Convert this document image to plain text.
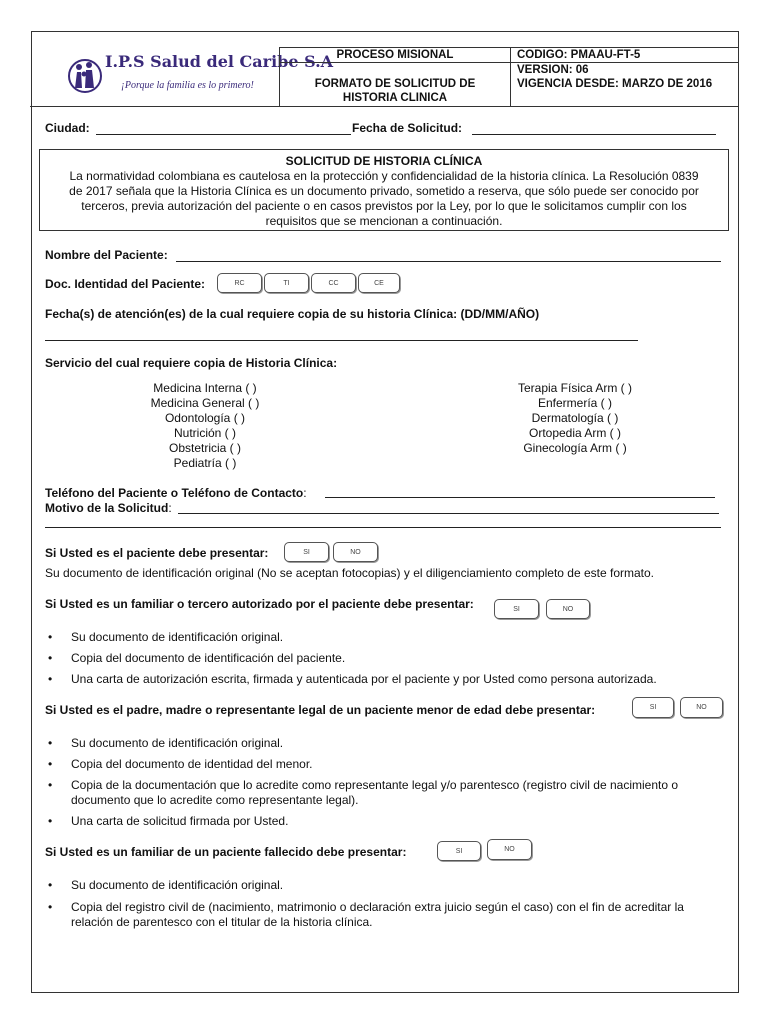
I.P.S Salud del Caribe S.A
¡Porque la familia es lo primero!
PROCESO MISIONAL
FORMATO DE SOLICITUD DE HISTORIA CLINICA
CODIGO: PMAAU-FT-5
VERSION: 06
VIGENCIA DESDE: MARZO DE 2016
Ciudad:	Fecha de Solicitud:
SOLICITUD DE HISTORIA CLÍNICA
La normatividad colombiana es cautelosa en la protección y confidencialidad de la historia clínica. La Resolución 0839
de 2017 señala que la Historia Clínica es un documento privado, sometido a reserva, que sólo puede ser conocido por
terceros, previa autorización del paciente o en casos previstos por la Ley, por lo que le solicitamos cumplir con los
requisitos que se mencionan a continuación.
Nombre del Paciente:
Doc. Identidad del Paciente:	RC	TI	CC	CE
Fecha(s) de atención(es) de la cual requiere copia de su historia Clínica: (DD/MM/AÑO)
Servicio del cual requiere copia de Historia Clínica:
Medicina Interna ( )
Medicina General ( )
Odontología ( )
Nutrición ( )
Obstetricia ( )
Pediatría ( )
Terapia Física Arm ( )
Enfermería ( )
Dermatología ( )
Ortopedia Arm ( )
Ginecología Arm ( )
Teléfono del Paciente o Teléfono de Contacto:
Motivo de la Solicitud:
Si Usted es el paciente debe presentar:	SI	NO
Su documento de identificación original (No se aceptan fotocopias) y el diligenciamiento completo de este formato.
Si Usted es un familiar o tercero autorizado por el paciente debe presentar:	SI	NO
• Su documento de identificación original.
• Copia del documento de identificación del paciente.
• Una carta de autorización escrita, firmada y autenticada por el paciente y por Usted como persona autorizada.
Si Usted es el padre, madre o representante legal de un paciente menor de edad debe presentar:	SI	NO
• Su documento de identificación original.
• Copia del documento de identidad del menor.
• Copia de la documentación que lo acredite como representante legal y/o parentesco (registro civil de nacimiento o
documento que lo acredite como representante legal).
• Una carta de solicitud firmada por Usted.
Si Usted es un familiar de un paciente fallecido debe presentar:	SI	NO
• Su documento de identificación original.
• Copia del registro civil de (nacimiento, matrimonio o declaración extra juicio según el caso) con el fin de acreditar la
relación de parentesco con el titular de la historia clínica.
